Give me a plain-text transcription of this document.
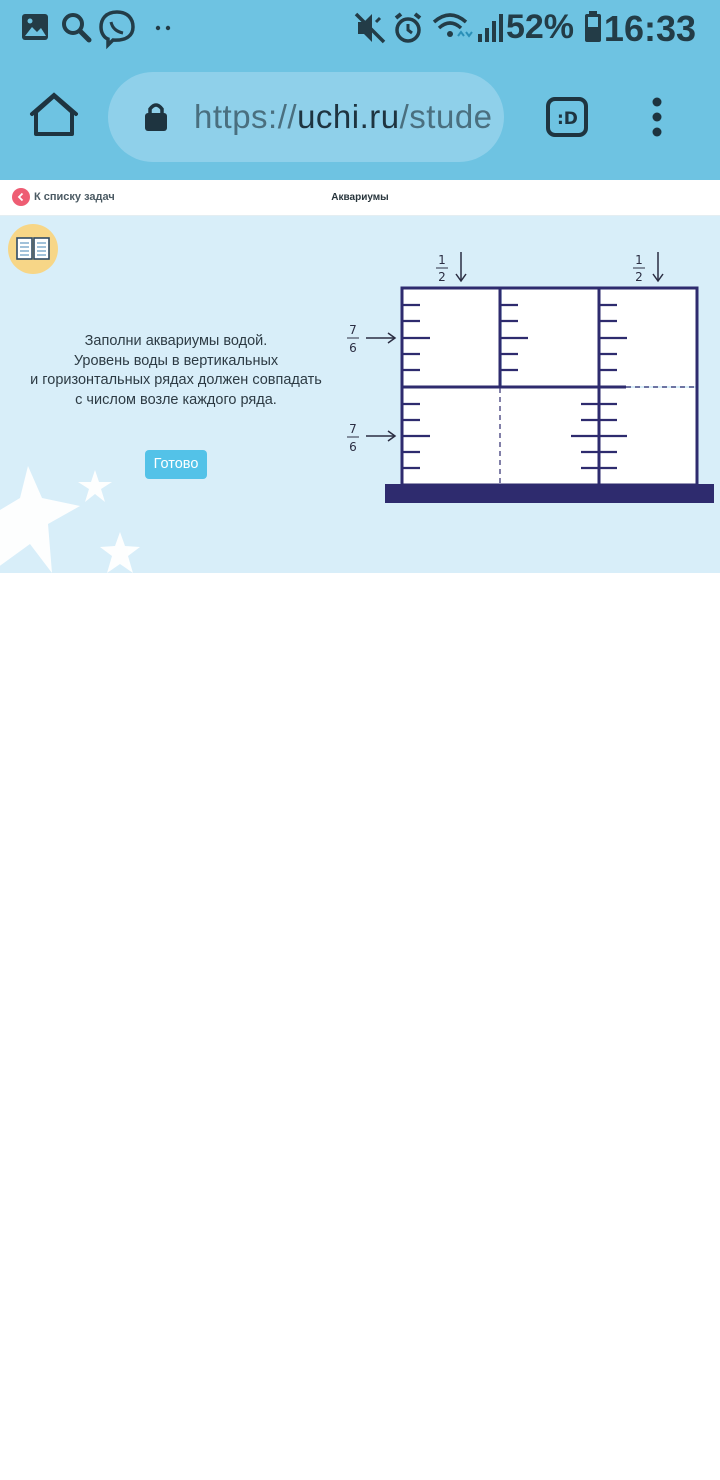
52% 16:33
:D
https://uchi.ru/stude
К списку задач	Аквариумы
Заполни аквариумы водой.
Уровень воды в вертикальных
и горизонтальных рядах должен совпадать
с числом возле каждого ряда.
Готово
1
2
1
2
7
6
7
6
